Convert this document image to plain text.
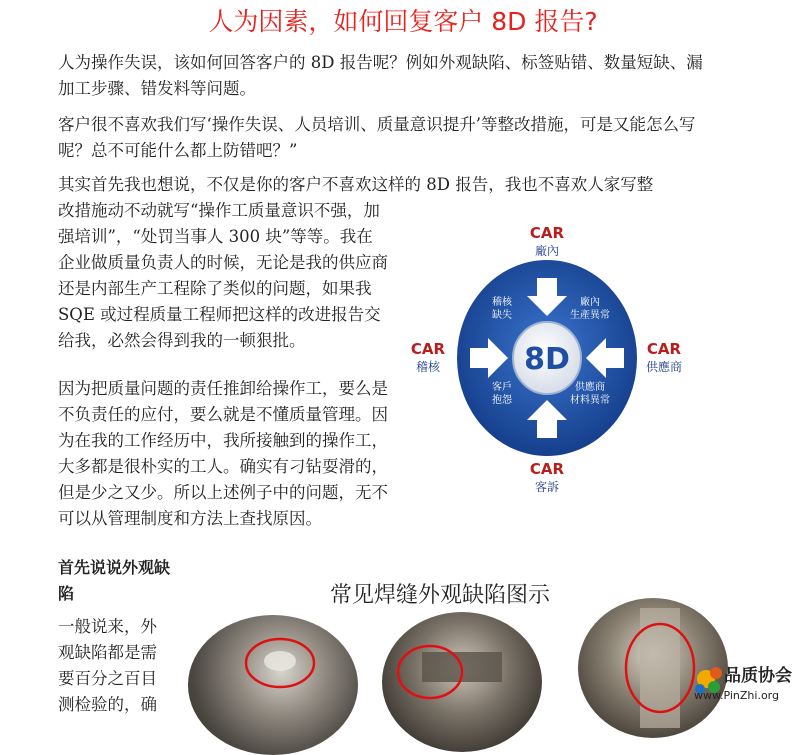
人为因素，如何回复客户 8D 报告?
人为操作失误，该如何回答客户的 8D 报告呢？例如外观缺陷、标签贴错、数量短缺、漏加工步骤、错发料等问题。
客户很不喜欢我们写‘操作失误、人员培训、质量意识提升’等整改措施，可是又能怎么写呢？总不可能什么都上防错吧？”
其实首先我也想说，不仅是你的客户不喜欢这样的 8D 报告，我也不喜欢人家写整
改措施动不动就写“操作工质量意识不强，加强培训”，“处罚当事人 300 块”等等。我在企业做质量负责人的时候，无论是我的供应商还是内部生产工程除了类似的问题，如果我 SQE 或过程质量工程师把这样的改进报告交给我，必然会得到我的一顿狠批。
因为把质量问题的责任推卸给操作工，要么是不负责任的应付，要么就是不懂质量管理。因为在我的工作经历中，我所接触到的操作工，大多都是很朴实的工人。确实有刁钻耍滑的，但是少之又少。所以上述例子中的问题，无不可以从管理制度和方法上查找原因。
首先说说外观缺陷
一般说来，外观缺陷都是需要百分之百目测检验的，确
8D
稽核
缺失
廠內
生產異常
客戶
抱怨
供應商
材料異常
CAR
廠內
CAR
稽核
CAR
供應商
CAR
客訴
常见焊缝外观缺陷图示
品质协会
www.PinZhi.org
